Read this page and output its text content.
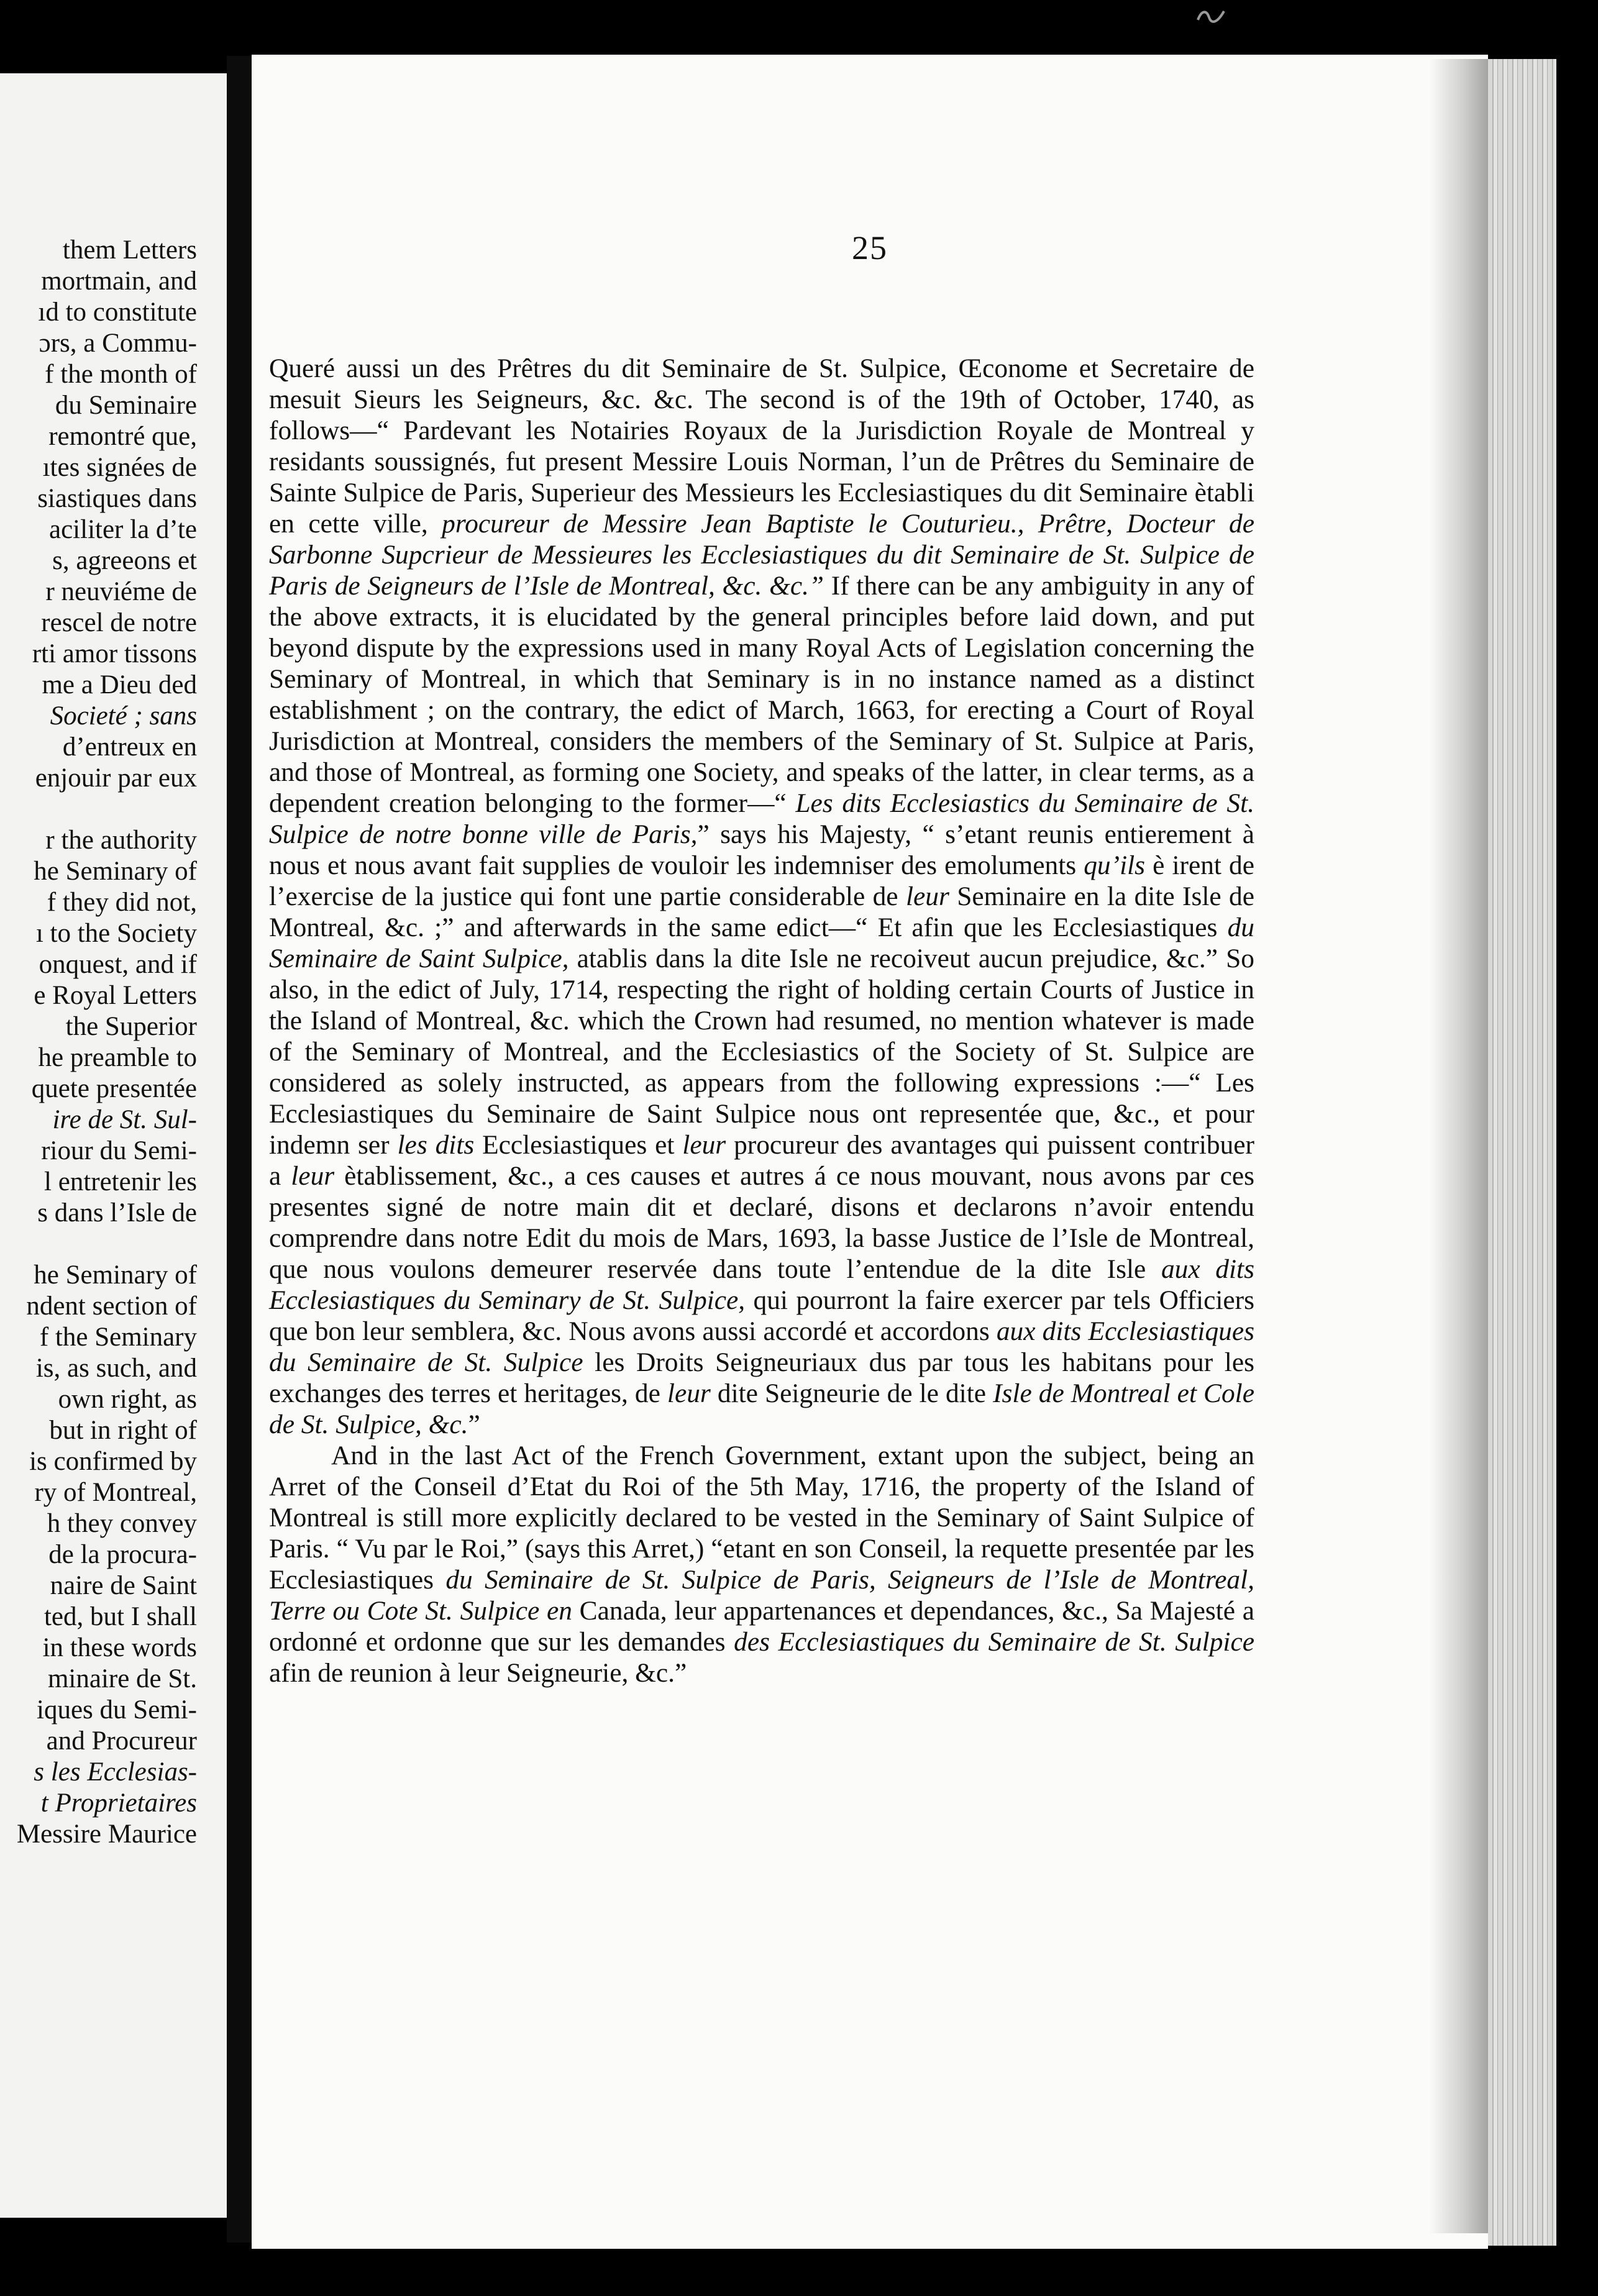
them Letters
mortmain, and
ıd to constitute
ɔrs, a Commu-
f the month of
du Seminaire
remontré que,
ıtes signées de
siastiques dans
aciliter la d’te
s, agreeons et
r neuviéme de
rescel de notre
rti amor tissons
me a Dieu ded
Societé ; sans
d’entreux en
enjouir par eux
r the authority
he Seminary of
f they did not,
ı to the Society
onquest, and if
e Royal Letters
the Superior
he preamble to
quete presentée
ire de St. Sul-
riour du Semi-
l entretenir les
s dans l’Isle de
he Seminary of
ndent section of
f the Seminary
is, as such, and
own right, as
but in right of
is confirmed by
ry of Montreal,
h they convey
de la procura-
naire de Saint
ted, but I shall
in these words
minaire de St.
iques du Semi-
and Procureur
s les Ecclesias-
t Proprietaires
Messire Maurice
25

Queré aussi un des Prêtres du dit Seminaire de St. Sulpice, Œconome et Secretaire de mesuit Sieurs les Seigneurs, &c. &c. The second is of the 19th of October, 1740, as follows—“ Pardevant les Notairies Royaux de la Jurisdiction Royale de Montreal y residants soussignés, fut present Messire Louis Norman, l’un de Prêtres du Seminaire de Sainte Sulpice de Paris, Superieur des Messieurs les Ecclesiastiques du dit Seminaire ètabli en cette ville, procureur de Messire Jean Baptiste le Couturieu., Prêtre, Docteur de Sarbonne Supcrieur de Messieures les Ecclesiastiques du dit Seminaire de St. Sulpice de Paris de Seigneurs de l’Isle de Montreal, &c. &c.” If there can be any ambiguity in any of the above extracts, it is elucidated by the general principles before laid down, and put beyond dispute by the expressions used in many Royal Acts of Legislation concerning the Seminary of Montreal, in which that Seminary is in no instance named as a distinct establishment ; on the contrary, the edict of March, 1663, for erecting a Court of Royal Jurisdiction at Montreal, considers the members of the Seminary of St. Sulpice at Paris, and those of Montreal, as forming one Society, and speaks of the latter, in clear terms, as a dependent creation belonging to the former—“ Les dits Ecclesiastics du Seminaire de St. Sulpice de notre bonne ville de Paris,” says his Majesty, “ s’etant reunis entierement à nous et nous avant fait supplies de vouloir les indemniser des emoluments qu’ils è irent de l’exercise de la justice qui font une partie considerable de leur Seminaire en la dite Isle de Montreal, &c. ;” and afterwards in the same edict—“ Et afin que les Ecclesiastiques du Seminaire de Saint Sulpice, atablis dans la dite Isle ne recoiveut aucun prejudice, &c.” So also, in the edict of July, 1714, respecting the right of holding certain Courts of Justice in the Island of Montreal, &c. which the Crown had resumed, no mention whatever is made of the Seminary of Montreal, and the Ecclesiastics of the Society of St. Sulpice are considered as solely instructed, as appears from the following expressions :—“ Les Ecclesiastiques du Seminaire de Saint Sulpice nous ont representée que, &c., et pour indemn ser les dits Ecclesiastiques et leur procureur des avantages qui puissent contribuer a leur ètablissement, &c., a ces causes et autres á ce nous mouvant, nous avons par ces presentes signé de notre main dit et declaré, disons et declarons n’avoir entendu comprendre dans notre Edit du mois de Mars, 1693, la basse Justice de l’Isle de Montreal, que nous voulons demeurer reservée dans toute l’entendue de la dite Isle aux dits Ecclesiastiques du Seminary de St. Sulpice, qui pourront la faire exercer par tels Officiers que bon leur semblera, &c. Nous avons aussi accordé et accordons aux dits Ecclesiastiques du Seminaire de St. Sulpice les Droits Seigneuriaux dus par tous les habitans pour les exchanges des terres et heritages, de leur dite Seigneurie de le dite Isle de Montreal et Cole de St. Sulpice, &c.”

And in the last Act of the French Government, extant upon the subject, being an Arret of the Conseil d’Etat du Roi of the 5th May, 1716, the property of the Island of Montreal is still more explicitly declared to be vested in the Seminary of Saint Sulpice of Paris. “ Vu par le Roi,” (says this Arret,) “etant en son Conseil, la requette presentée par les Ecclesiastiques du Seminaire de St. Sulpice de Paris, Seigneurs de l’Isle de Montreal, Terre ou Cote St. Sulpice en Canada, leur appartenances et dependances, &c., Sa Majesté a ordonné et ordonne que sur les demandes des Ecclesiastiques du Seminaire de St. Sulpice afin de reunion à leur Seigneurie, &c.”
